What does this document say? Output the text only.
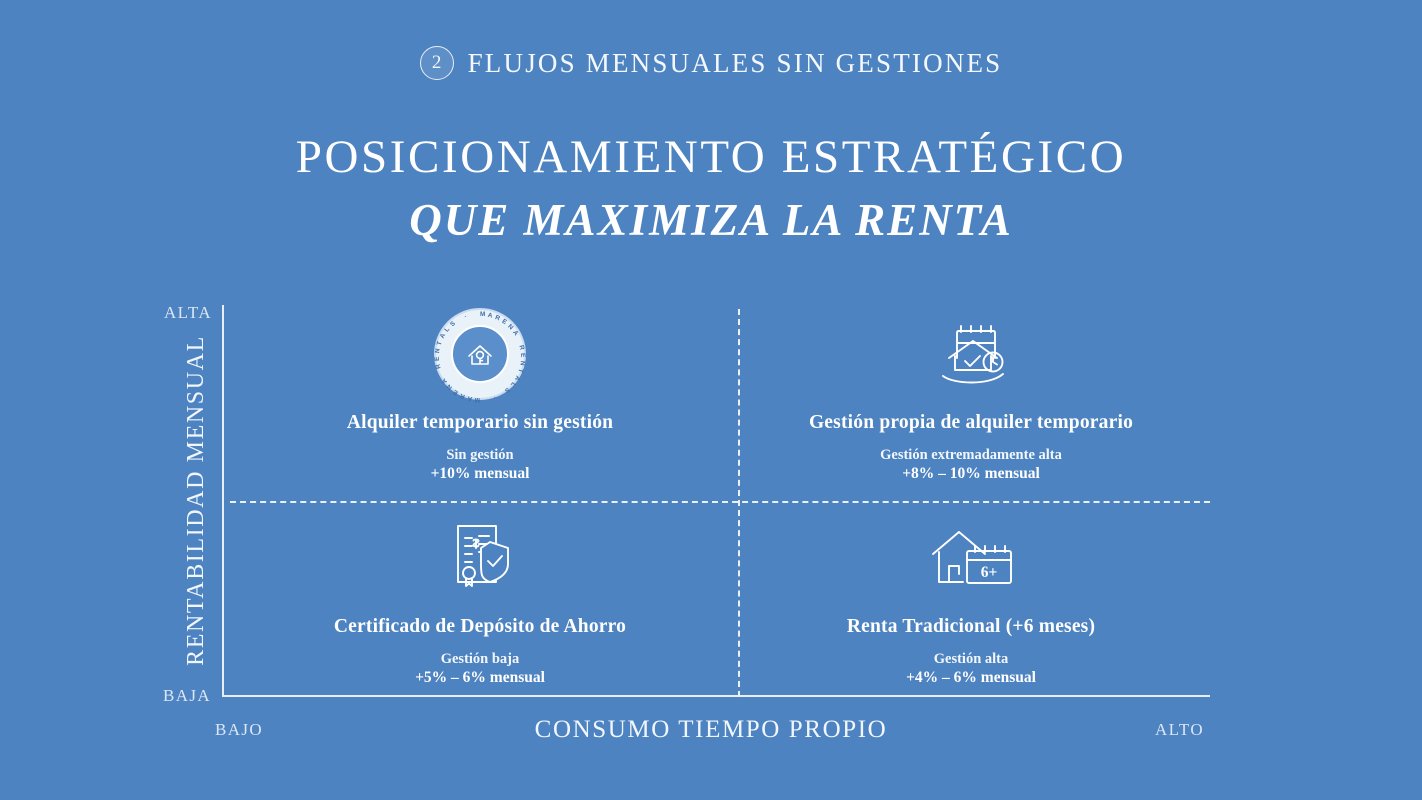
2 FLUJOS MENSUALES SIN GESTIONES
POSICIONAMIENTO ESTRATÉGICO
QUE MAXIMIZA LA RENTA
RENTABILIDAD MENSUAL
CONSUMO TIEMPO PROPIO
ALTA
BAJA
BAJO	ALTO
M A R E
N
A
R
E
N
T
A
L
S
·
M
A
R
E
N
A
R
E
N
T
A
L
S
·
Alquiler temporario sin gestión
Sin gestión
+10% mensual
Gestión propia de alquiler temporario
Gestión extremadamente alta
+8% – 10% mensual
Certificado de Depósito de Ahorro
Gestión baja
+5% – 6% mensual
6+
Renta Tradicional (+6 meses)
Gestión alta
+4% – 6% mensual
